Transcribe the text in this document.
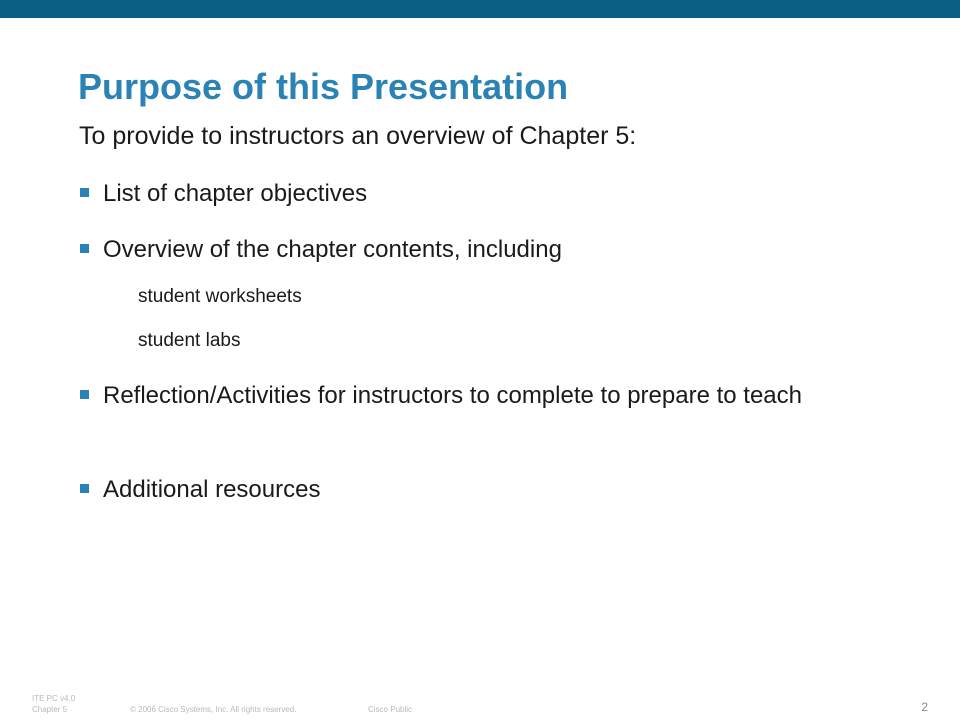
Purpose of this Presentation
To provide to instructors an overview of Chapter 5:
List of chapter objectives
Overview of the chapter contents, including
student worksheets
student labs
Reflection/Activities for instructors to complete to prepare to teach
Additional resources
ITE PC v4.0
Chapter 5	© 2006 Cisco Systems, Inc. All rights reserved.	Cisco Public	2
